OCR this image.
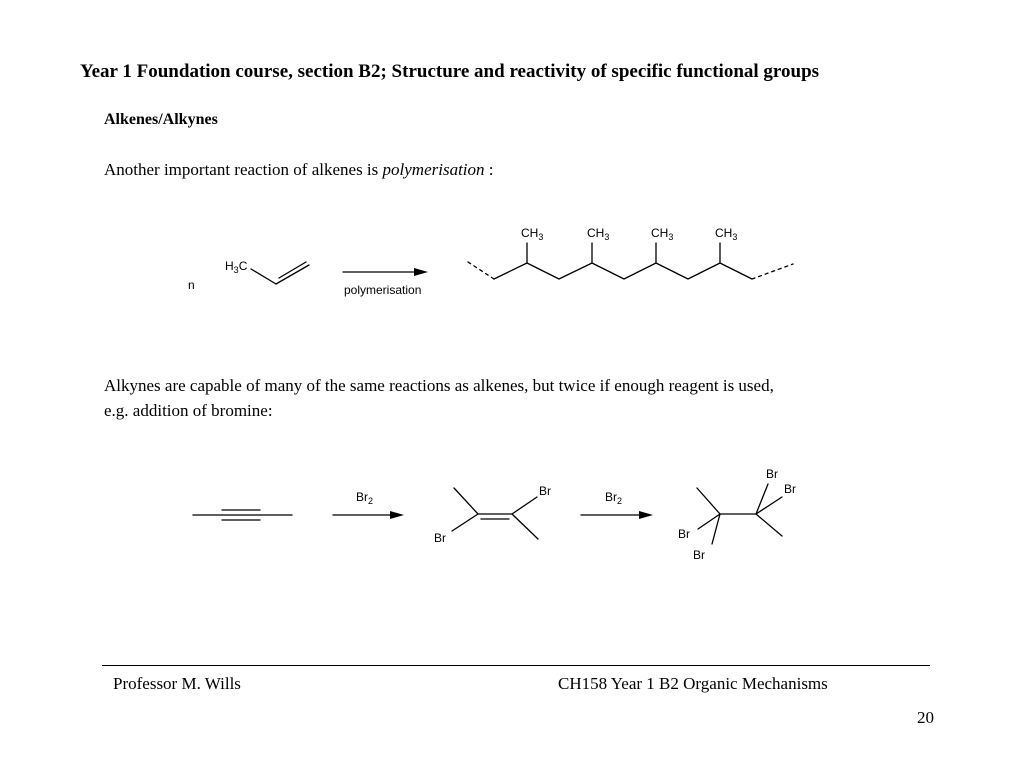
Year 1 Foundation course, section B2; Structure and reactivity of specific functional groups
Alkenes/Alkynes
Another important reaction of alkenes is polymerisation :
Alkynes are capable of many of the same reactions as alkenes, but twice if enough reagent is used, e.g. addition of bromine:
n
$H_3C$
polymerisation
$CH_3$	$CH_3$	$CH_3$	$CH_3$
$Br_2$	$Br_2$
Br
Br
Br
Br
Br
Br
Professor M. Wills	CH158 Year 1 B2 Organic Mechanisms
20
